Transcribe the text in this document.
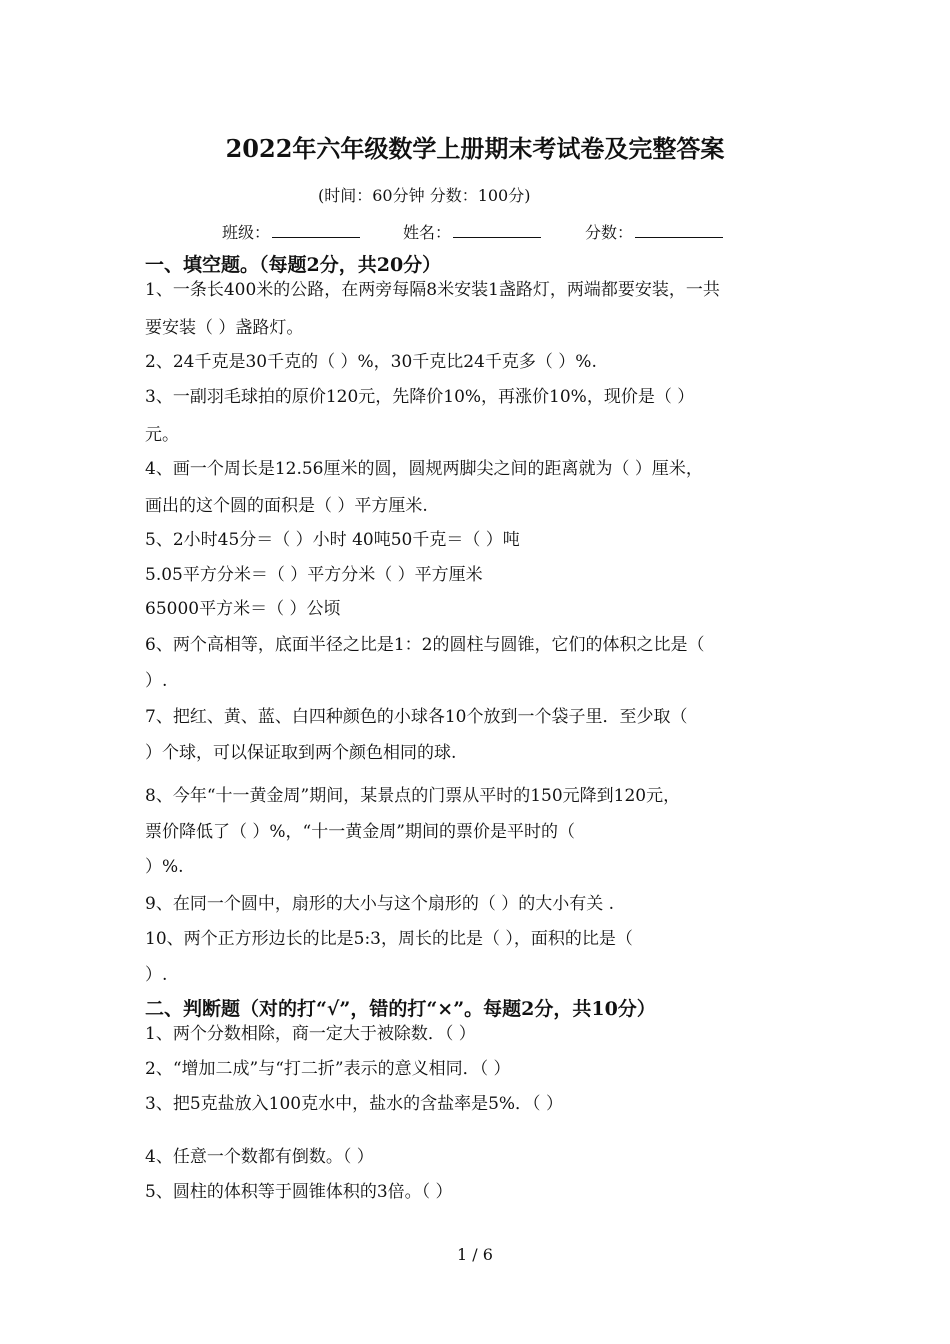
2022年六年级数学上册期末考试卷及完整答案
(时间：60分钟 分数：100分)
班级：	姓名：	分数：
一、填空题。（每题2分，共20分）
1、一条长400米的公路，在两旁每隔8米安装1盏路灯，两端都要安装，一共
要安装（ ）盏路灯。
2、24千克是30千克的（ ）%，30千克比24千克多（ ）%.
3、一副羽毛球拍的原价120元，先降价10%，再涨价10%，现价是（ ）
元。
4、画一个周长是12.56厘米的圆，圆规两脚尖之间的距离就为（ ）厘米，
画出的这个圆的面积是（ ）平方厘米.
5、2小时45分＝（ ）小时 40吨50千克＝（ ）吨
5.05平方分米＝（ ）平方分米（ ）平方厘米
65000平方米＝（ ）公顷
6、两个高相等，底面半径之比是1：2的圆柱与圆锥，它们的体积之比是（
）.
7、把红、黄、蓝、白四种颜色的小球各10个放到一个袋子里．至少取（
）个球，可以保证取到两个颜色相同的球.
8、今年“十一黄金周”期间，某景点的门票从平时的150元降到120元，
票价降低了（ ）%，“十一黄金周”期间的票价是平时的（
）%.
9、在同一个圆中，扇形的大小与这个扇形的（ ）的大小有关 .
10、两个正方形边长的比是5:3，周长的比是（ ），面积的比是（
）.
二、判断题（对的打“√”，错的打“×”。每题2分，共10分）
1、两个分数相除，商一定大于被除数．（ ）
2、“增加二成”与“打二折”表示的意义相同．（ ）
3、把5克盐放入100克水中，盐水的含盐率是5%．（ ）
4、任意一个数都有倒数。（ ）
5、圆柱的体积等于圆锥体积的3倍。（ ）
1 / 6
